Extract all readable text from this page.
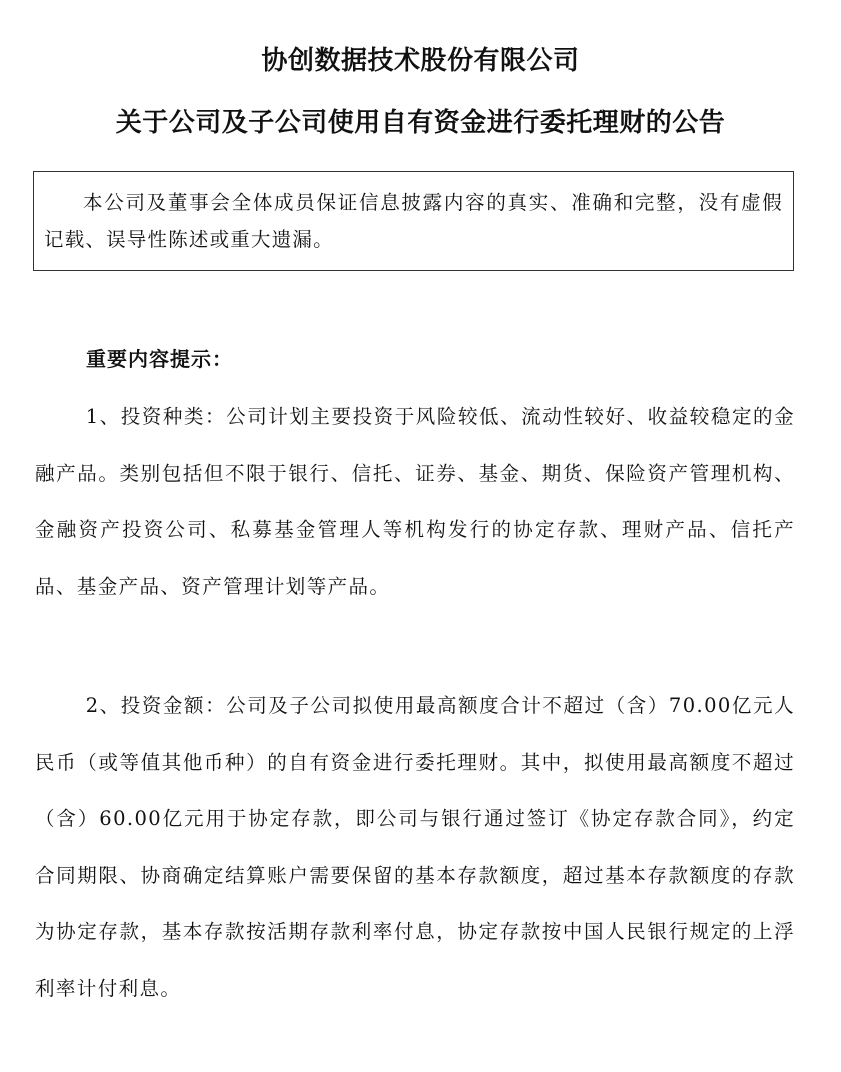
协创数据技术股份有限公司
关于公司及子公司使用自有资金进行委托理财的公告

本公司及董事会全体成员保证信息披露内容的真实、准确和完整，没有虚假记载、误导性陈述或重大遗漏。

重要内容提示：

1、投资种类：公司计划主要投资于风险较低、流动性较好、收益较稳定的金融产品。类别包括但不限于银行、信托、证券、基金、期货、保险资产管理机构、金融资产投资公司、私募基金管理人等机构发行的协定存款、理财产品、信托产品、基金产品、资产管理计划等产品。

2、投资金额：公司及子公司拟使用最高额度合计不超过（含）70.00亿元人民币（或等值其他币种）的自有资金进行委托理财。其中，拟使用最高额度不超过（含）60.00亿元用于协定存款，即公司与银行通过签订《协定存款合同》，约定合同期限、协商确定结算账户需要保留的基本存款额度，超过基本存款额度的存款为协定存款，基本存款按活期存款利率付息，协定存款按中国人民银行规定的上浮利率计付利息。
